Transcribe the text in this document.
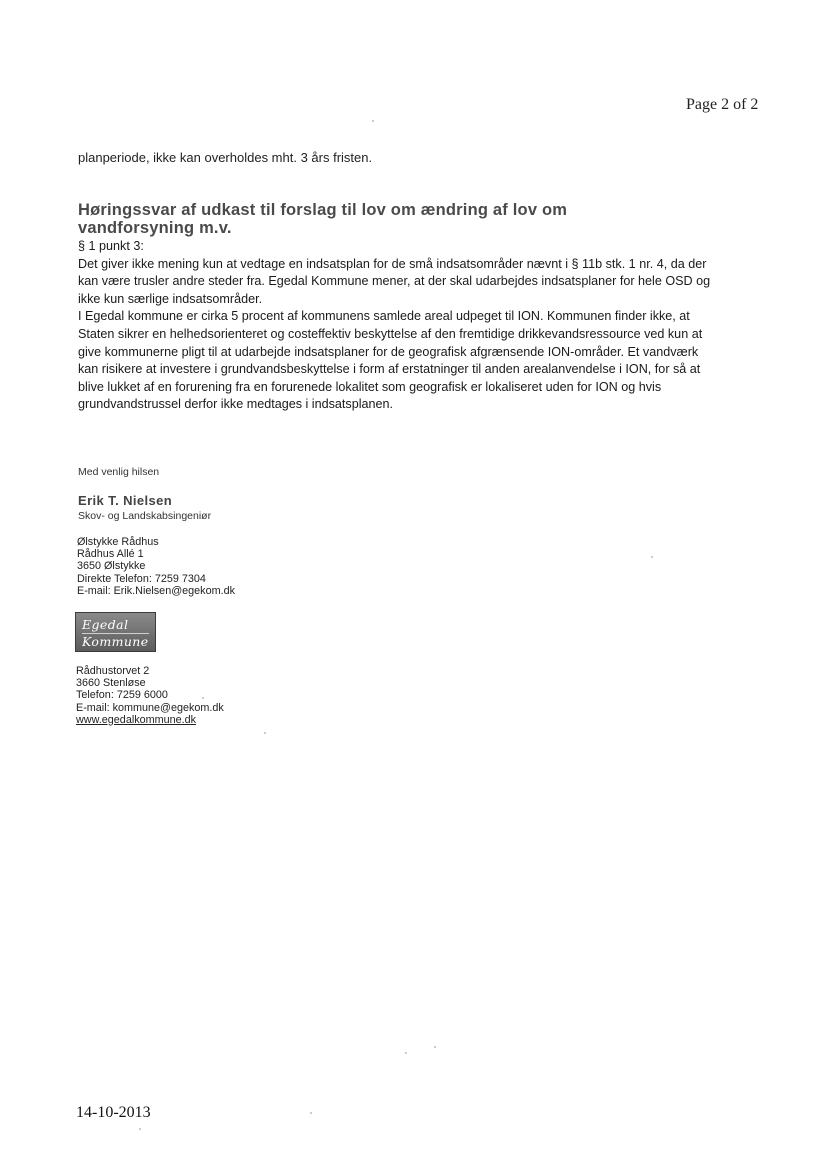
Page 2 of 2
planperiode, ikke kan overholdes mht. 3 års fristen.
Høringssvar af udkast til forslag til lov om ændring af lov om
vandforsyning m.v.

§ 1 punkt 3:

Det giver ikke mening kun at vedtage en indsatsplan for de små indsatsområder nævnt i § 11b stk. 1 nr. 4, da der

kan være trusler andre steder fra. Egedal Kommune mener, at der skal udarbejdes indsatsplaner for hele OSD og

ikke kun særlige indsatsområder.

I Egedal kommune er cirka 5 procent af kommunens samlede areal udpeget til ION. Kommunen finder ikke, at

Staten sikrer en helhedsorienteret og costeffektiv beskyttelse af den fremtidige drikkevandsressource ved kun at

give kommunerne pligt til at udarbejde indsatsplaner for de geografisk afgrænsende ION-områder. Et vandværk

kan risikere at investere i grundvandsbeskyttelse i form af erstatninger til anden arealanvendelse i ION, for så at

blive lukket af en forurening fra en forurenede lokalitet som geografisk er lokaliseret uden for ION og hvis

grundvandstrussel derfor ikke medtages i indsatsplanen.

Med venlig hilsen
Erik T. Nielsen
Skov- og Landskabsingeniør
Ølstykke Rådhus
Rådhus Allé 1
3650 Ølstykke
Direkte Telefon: 7259 7304
E-mail: Erik.Nielsen@egekom.dk
Egedal
Kommune
Rådhustorvet 2
3660 Stenløse
Telefon: 7259 6000
E-mail: kommune@egekom.dk
www.egedalkommune.dk
14-10-2013
